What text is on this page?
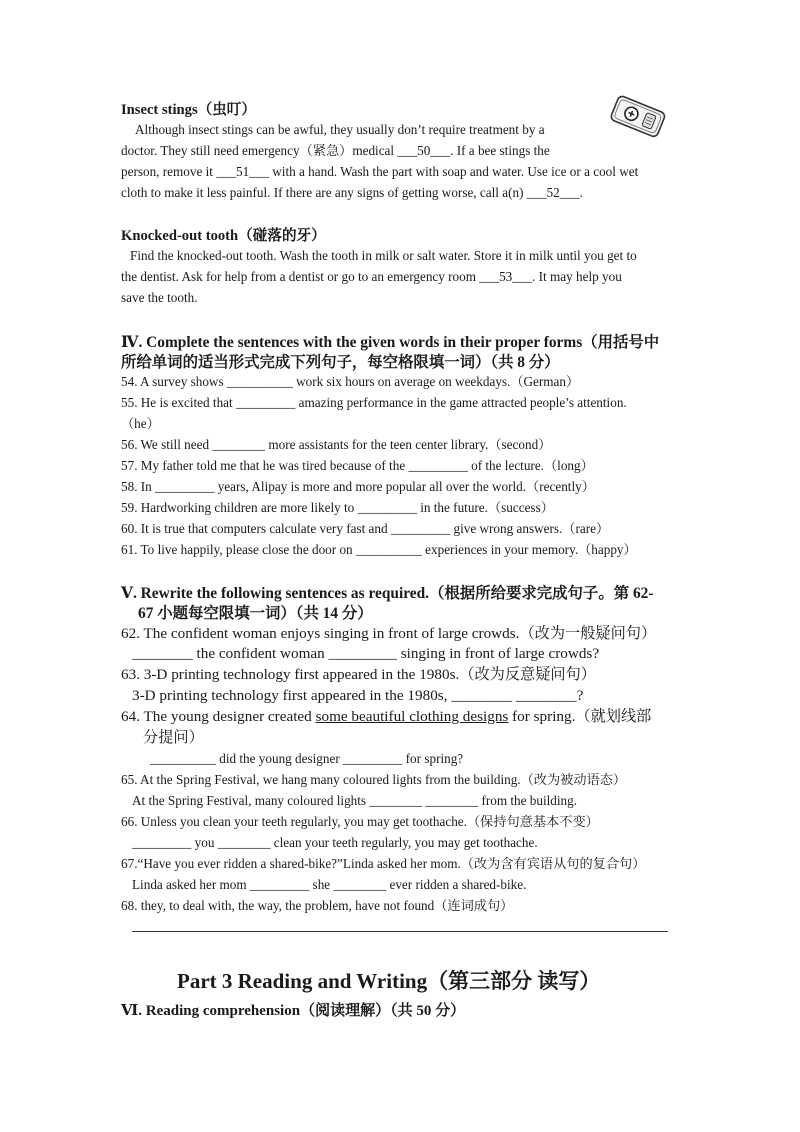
Insect stings（虫叮）
Although insect stings can be awful, they usually don’t require treatment by a
doctor. They still need emergency（紧急）medical ___50___. If a bee stings the
person, remove it ___51___ with a hand. Wash the part with soap and water. Use ice or a cool wet
cloth to make it less painful. If there are any signs of getting worse, call a(n) ___52___.
Knocked-out tooth（碰落的牙）
Find the knocked-out tooth. Wash the tooth in milk or salt water. Store it in milk until you get to
the dentist. Ask for help from a dentist or go to an emergency room ___53___. It may help you
save the tooth.
Ⅳ. Complete the sentences with the given words in their proper forms（用括号中
所给单词的适当形式完成下列句子，每空格限填一词）（共 8 分）
54. A survey shows __________ work six hours on average on weekdays.（German）
55. He is excited that _________ amazing performance in the game attracted people’s attention.
（he）
56. We still need ________ more assistants for the teen center library.（second）
57. My father told me that he was tired because of the _________ of the lecture.（long）
58. In _________ years, Alipay is more and more popular all over the world.（recently）
59. Hardworking children are more likely to _________ in the future.（success）
60. It is true that computers calculate very fast and _________ give wrong answers.（rare）
61. To live happily, please close the door on __________ experiences in your memory.（happy）
Ⅴ. Rewrite the following sentences as required.（根据所给要求完成句子。第 62-
67 小题每空限填一词）（共 14 分）
62. The confident woman enjoys singing in front of large crowds.（改为一般疑问句）
________ the confident woman _________ singing in front of large crowds?
63. 3-D printing technology first appeared in the 1980s.（改为反意疑问句）
3-D printing technology first appeared in the 1980s, ________ ________?
64. The young designer created some beautiful clothing designs for spring.（就划线部
分提问）
__________ did the young designer _________ for spring?
65. At the Spring Festival, we hang many coloured lights from the building.（改为被动语态）
At the Spring Festival, many coloured lights ________ ________ from the building.
66. Unless you clean your teeth regularly, you may get toothache.（保持句意基本不变）
_________ you ________ clean your teeth regularly, you may get toothache.
67.“Have you ever ridden a shared-bike?”Linda asked her mom.（改为含有宾语从句的复合句）
Linda asked her mom _________ she ________ ever ridden a shared-bike.
68. they, to deal with, the way, the problem, have not found（连词成句）
Part 3 Reading and Writing（第三部分 读写）
Ⅵ. Reading comprehension（阅读理解）（共 50 分）
